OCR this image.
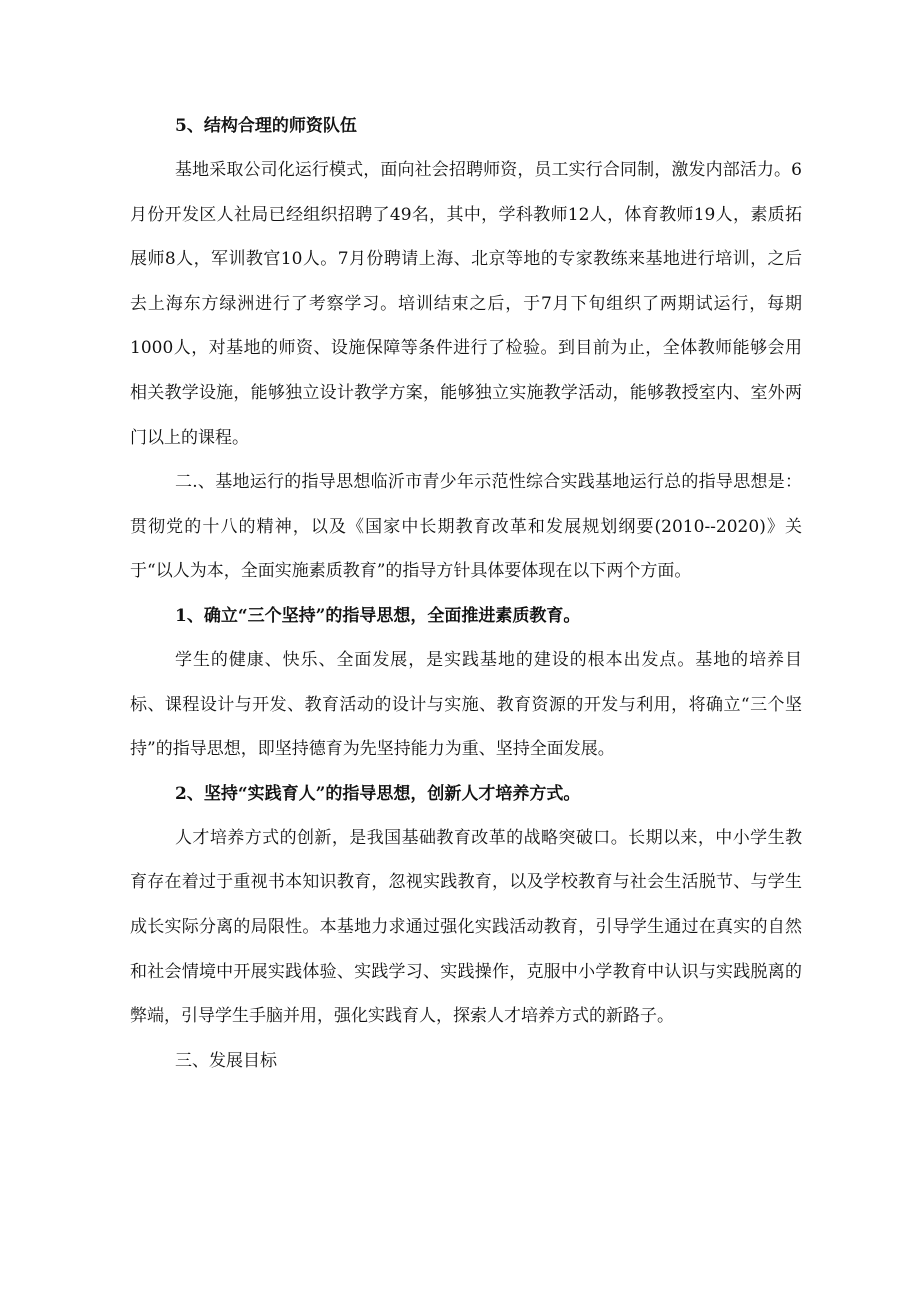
5、结构合理的师资队伍

基地采取公司化运行模式，面向社会招聘师资，员工实行合同制，激发内部活力。6月份开发区人社局已经组织招聘了49名，其中，学科教师12人，体育教师19人，素质拓展师8人，军训教官10人。7月份聘请上海、北京等地的专家教练来基地进行培训，之后去上海东方绿洲进行了考察学习。培训结束之后，于7月下旬组织了两期试运行，每期1000人，对基地的师资、设施保障等条件进行了检验。到目前为止，全体教师能够会用相关教学设施，能够独立设计教学方案，能够独立实施教学活动，能够教授室内、室外两门以上的课程。

二.、基地运行的指导思想临沂市青少年示范性综合实践基地运行总的指导思想是：贯彻党的十八的精神，以及《国家中长期教育改革和发展规划纲要(2010--2020)》关于“以人为本，全面实施素质教育”的指导方针具体要体现在以下两个方面。

1、确立“三个坚持”的指导思想，全面推进素质教育。

学生的健康、快乐、全面发展，是实践基地的建设的根本出发点。基地的培养目标、课程设计与开发、教育活动的设计与实施、教育资源的开发与利用，将确立“三个坚持”的指导思想，即坚持德育为先坚持能力为重、坚持全面发展。

2、坚持“实践育人”的指导思想，创新人才培养方式。

人才培养方式的创新，是我国基础教育改革的战略突破口。长期以来，中小学生教育存在着过于重视书本知识教育，忽视实践教育，以及学校教育与社会生活脱节、与学生成长实际分离的局限性。本基地力求通过强化实践活动教育，引导学生通过在真实的自然和社会情境中开展实践体验、实践学习、实践操作，克服中小学教育中认识与实践脱离的弊端，引导学生手脑并用，强化实践育人，探索人才培养方式的新路子。

三、发展目标
